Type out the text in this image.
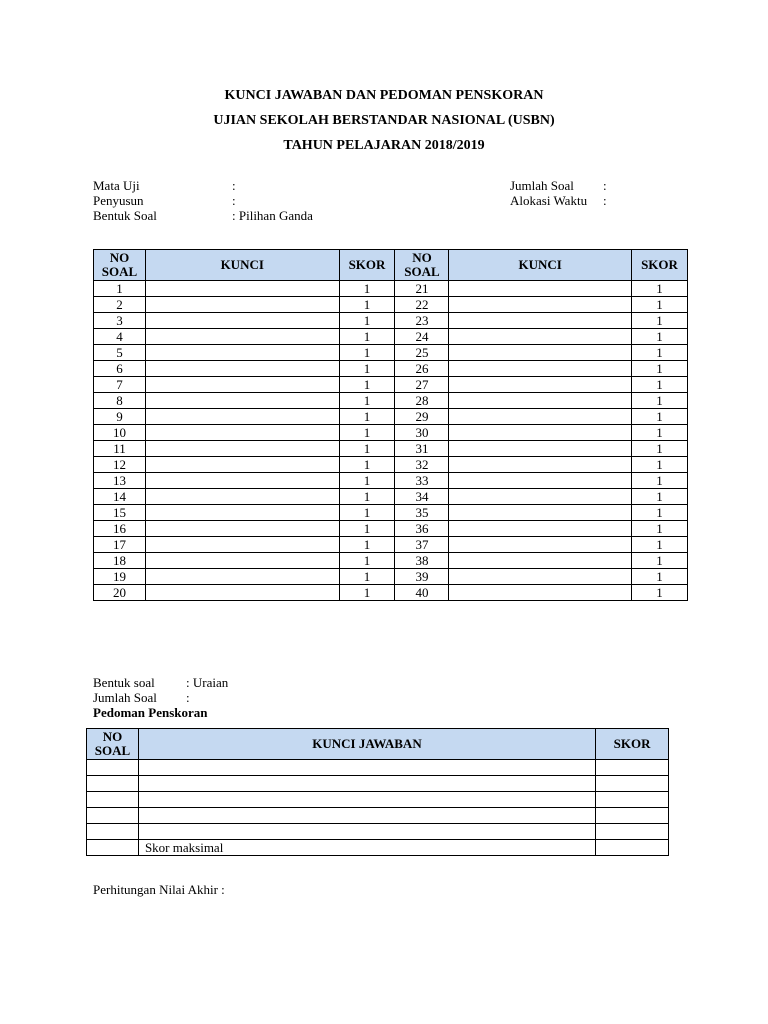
KUNCI JAWABAN DAN PEDOMAN PENSKORAN
UJIAN SEKOLAH BERSTANDAR NASIONAL (USBN)
TAHUN PELAJARAN 2018/2019
Mata Uji	:
Penyusun	:
Bentuk Soal	: Pilihan Ganda
Jumlah Soal :
Alokasi Waktu :
NO SOAL	KUNCI	SKOR	NO SOAL	KUNCI	SKOR
1		1	21		1
2		1	22		1
3		1	23		1
4		1	24		1
5		1	25		1
6		1	26		1
7		1	27		1
8		1	28		1
9		1	29		1
10		1	30		1
11		1	31		1
12		1	32		1
13		1	33		1
14		1	34		1
15		1	35		1
16		1	36		1
17		1	37		1
18		1	38		1
19		1	39		1
20		1	40		1
Bentuk soal : Uraian
Jumlah Soal :
Pedoman Penskoran
NO SOAL	KUNCI JAWABAN	SKOR

	Skor maksimal	
Perhitungan Nilai Akhir :
